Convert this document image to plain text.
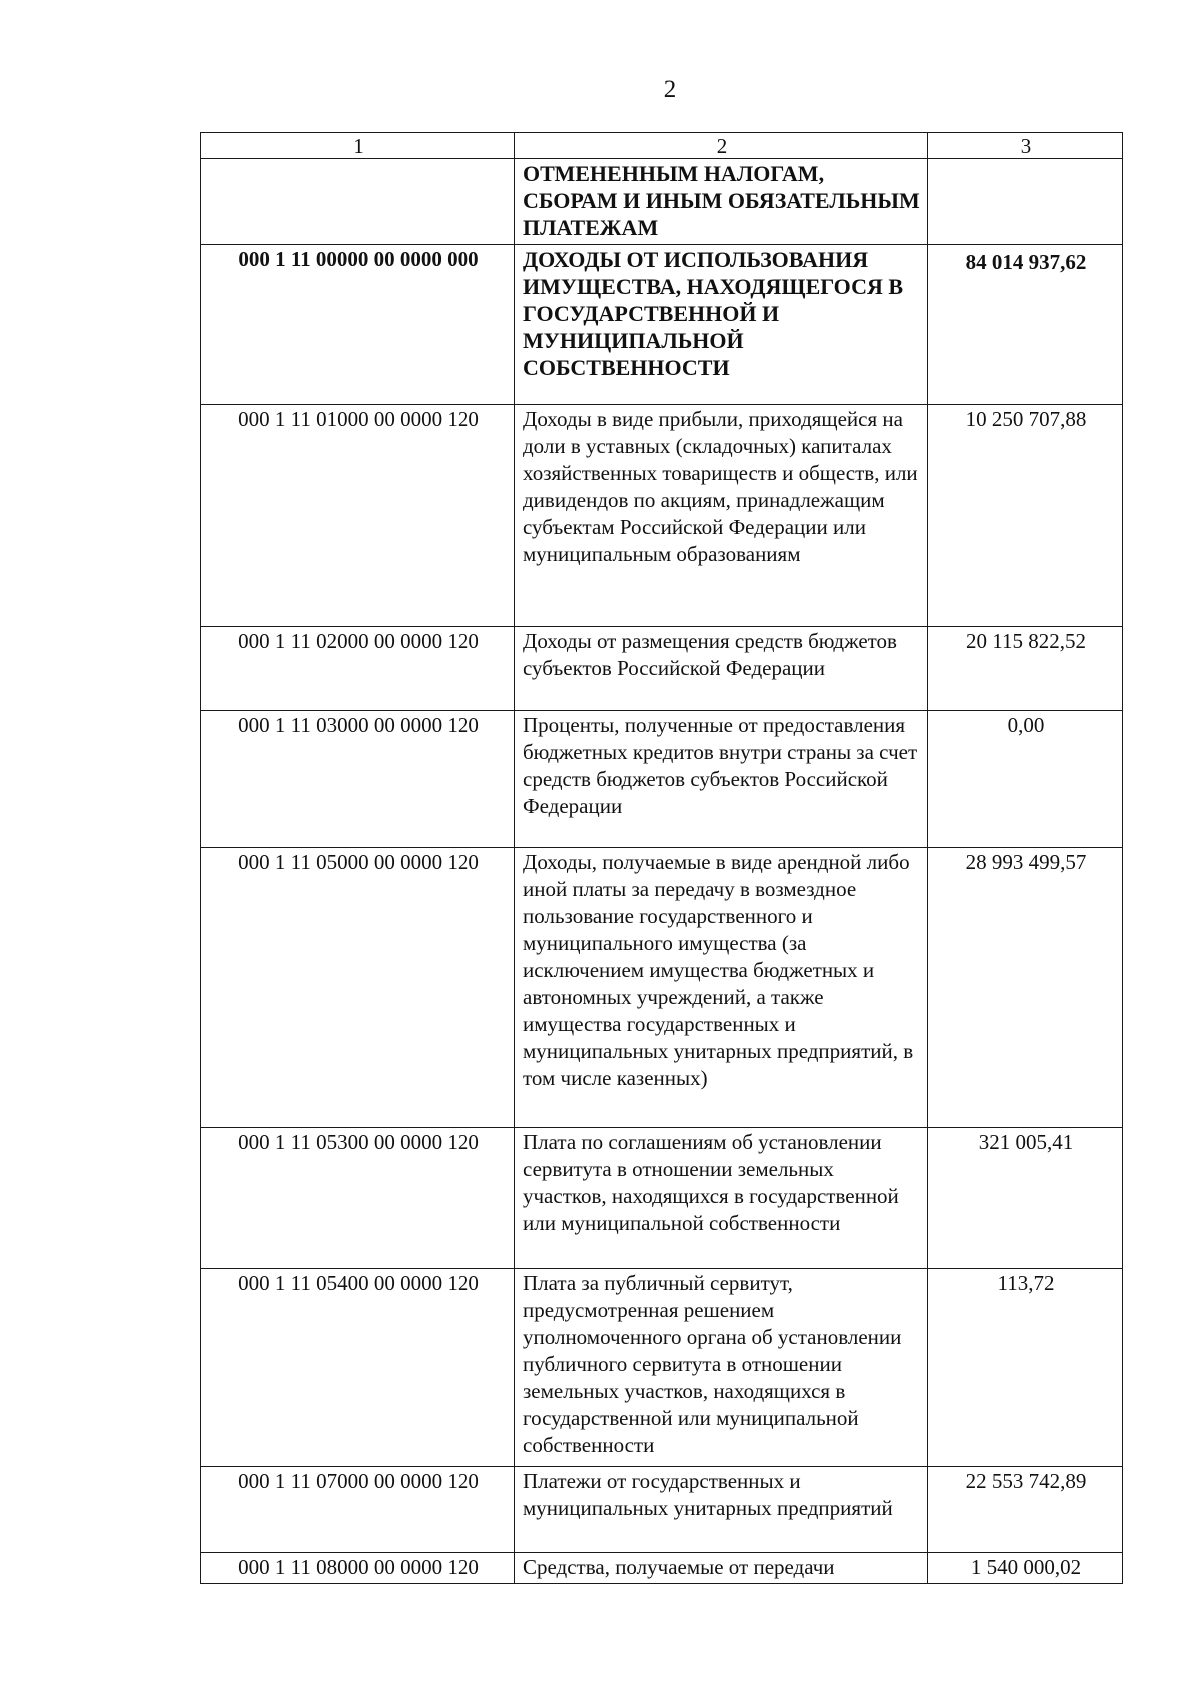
2
1	2	3
	ОТМЕНЕННЫМ НАЛОГАМ, СБОРАМ И ИНЫМ ОБЯЗАТЕЛЬНЫМ ПЛАТЕЖАМ	
000 1 11 00000 00 0000 000	ДОХОДЫ ОТ ИСПОЛЬЗОВАНИЯ ИМУЩЕСТВА, НАХОДЯЩЕГОСЯ В ГОСУДАРСТВЕННОЙ И МУНИЦИПАЛЬНОЙ СОБСТВЕННОСТИ	84 014 937,62
000 1 11 01000 00 0000 120	Доходы в виде прибыли, приходящейся на доли в уставных (складочных) капиталах хозяйственных товариществ и обществ, или дивидендов по акциям, принадлежащим субъектам Российской Федерации или муниципальным образованиям	10 250 707,88
000 1 11 02000 00 0000 120	Доходы от размещения средств бюджетов субъектов Российской Федерации	20 115 822,52
000 1 11 03000 00 0000 120	Проценты, полученные от предоставления бюджетных кредитов внутри страны за счет средств бюджетов субъектов Российской Федерации	0,00
000 1 11 05000 00 0000 120	Доходы, получаемые в виде арендной либо иной платы за передачу в возмездное пользование государственного и муниципального имущества (за исключением имущества бюджетных и автономных учреждений, а также имущества государственных и муниципальных унитарных предприятий, в том числе казенных)	28 993 499,57
000 1 11 05300 00 0000 120	Плата по соглашениям об установлении сервитута в отношении земельных участков, находящихся в государственной или муниципальной собственности	321 005,41
000 1 11 05400 00 0000 120	Плата за публичный сервитут, предусмотренная решением уполномоченного органа об установлении публичного сервитута в отношении земельных участков, находящихся в государственной или муниципальной собственности	113,72
000 1 11 07000 00 0000 120	Платежи от государственных и муниципальных унитарных предприятий	22 553 742,89
000 1 11 08000 00 0000 120	Средства, получаемые от передачи	1 540 000,02
